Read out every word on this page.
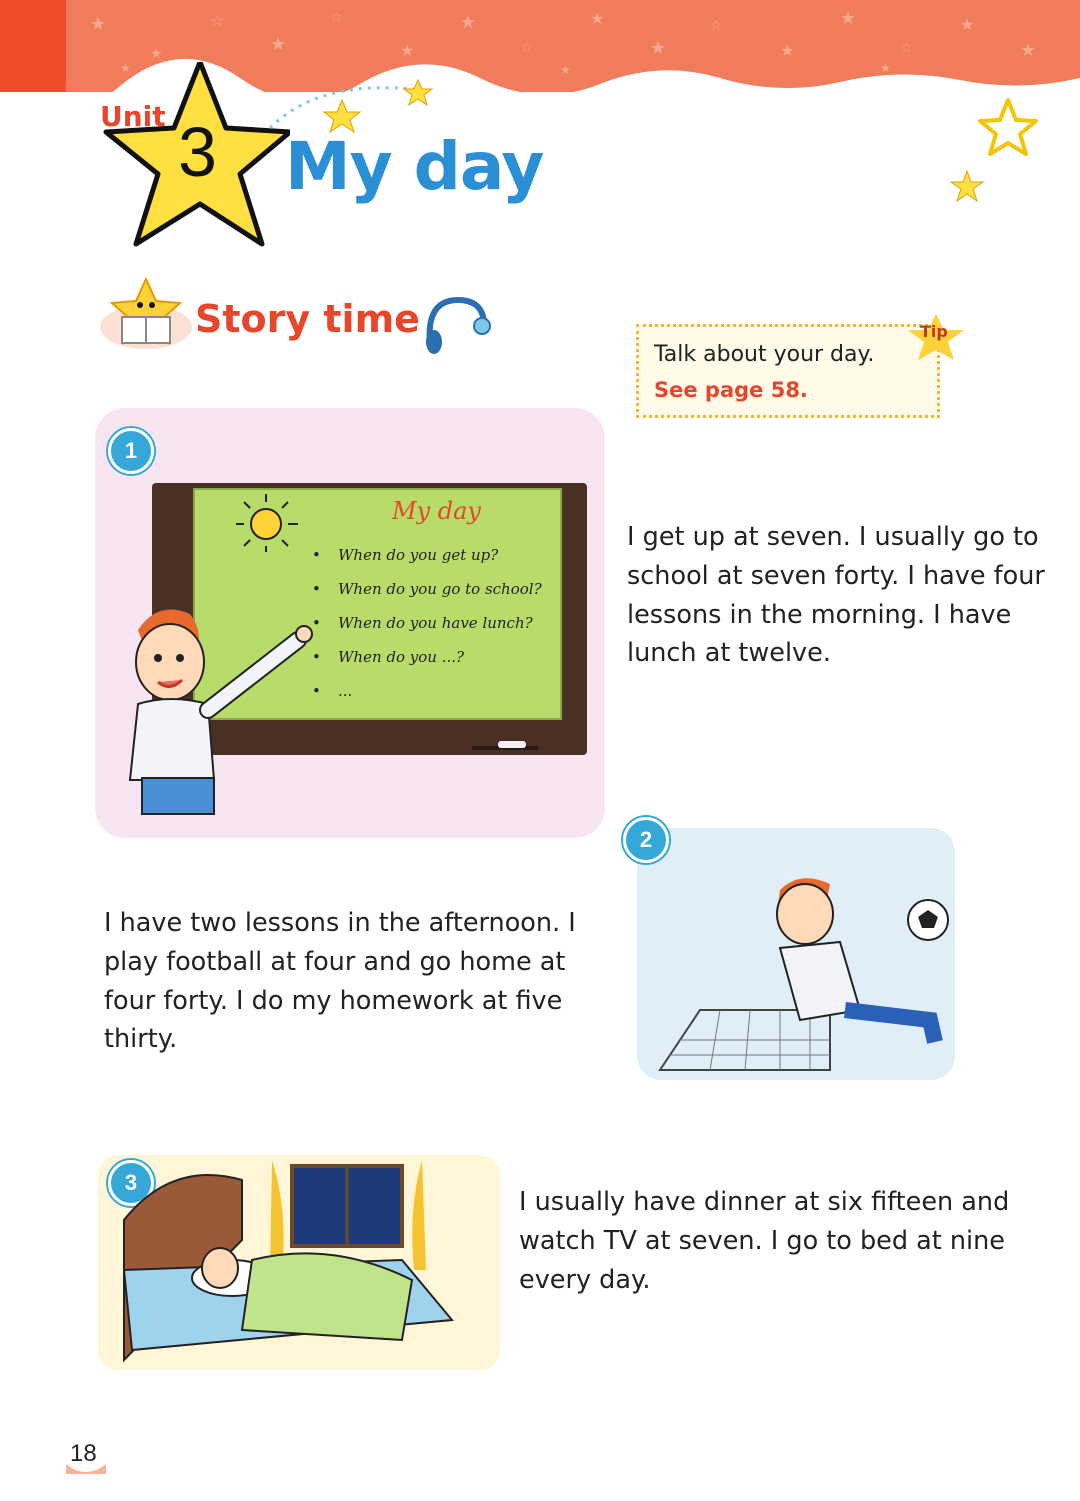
★
★
☆
★
☆
★
★
☆
★
★
☆
★
★
☆
★
★
★	★	★
Unit 3 My day
Story time	Tip
Talk about your day.
See page 58.
1
My day
• When do you get up?
• When do you go to school?
• When do you have lunch?
• When do you ...?
• ...
I get up at seven. I usually go to school at seven forty. I have four lessons in the morning. I have lunch at twelve.
2
I have two lessons in the afternoon. I play football at four and go home at four forty. I do my homework at five thirty.
3
I usually have dinner at six fifteen and watch TV at seven. I go to bed at nine every day.
18
